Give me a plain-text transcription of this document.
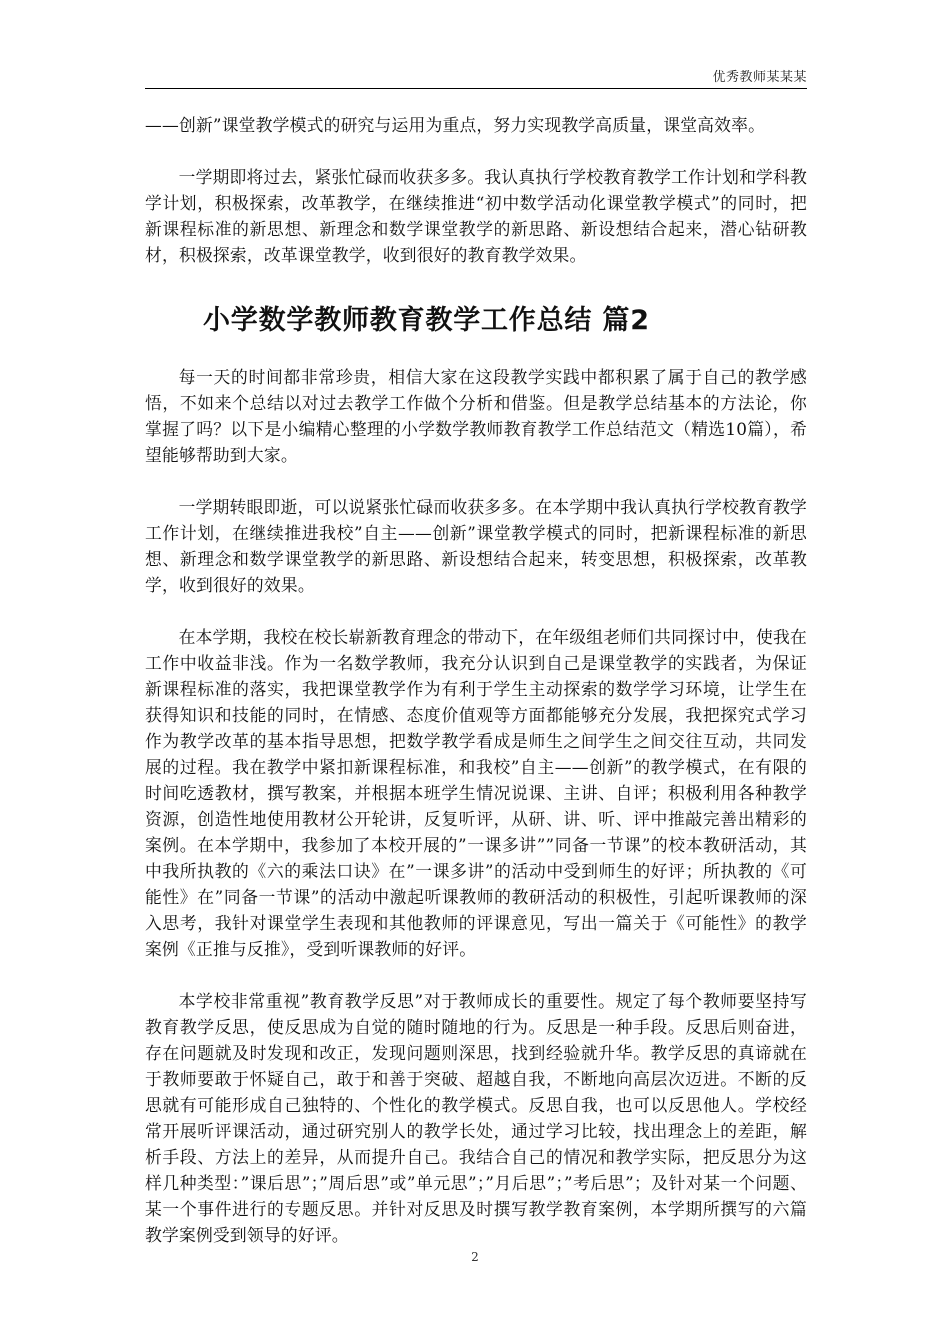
优秀教师某某某

——创新”课堂教学模式的研究与运用为重点，努力实现教学高质量，课堂高效率。

一学期即将过去，紧张忙碌而收获多多。我认真执行学校教育教学工作计划和学科教学计划，积极探索，改革教学，在继续推进“初中数学活动化课堂教学模式”的同时，把新课程标准的新思想、新理念和数学课堂教学的新思路、新设想结合起来，潜心钻研教材，积极探索，改革课堂教学，收到很好的教育教学效果。

小学数学教师教育教学工作总结 篇2

每一天的时间都非常珍贵，相信大家在这段教学实践中都积累了属于自己的教学感悟，不如来个总结以对过去教学工作做个分析和借鉴。但是教学总结基本的方法论，你掌握了吗？以下是小编精心整理的小学数学教师教育教学工作总结范文（精选10篇），希望能够帮助到大家。

一学期转眼即逝，可以说紧张忙碌而收获多多。在本学期中我认真执行学校教育教学工作计划，在继续推进我校”自主——创新”课堂教学模式的同时，把新课程标准的新思想、新理念和数学课堂教学的新思路、新设想结合起来，转变思想，积极探索，改革教学，收到很好的效果。

在本学期，我校在校长崭新教育理念的带动下，在年级组老师们共同探讨中，使我在工作中收益非浅。作为一名数学教师，我充分认识到自己是课堂教学的实践者，为保证新课程标准的落实，我把课堂教学作为有利于学生主动探索的数学学习环境，让学生在获得知识和技能的同时，在情感、态度价值观等方面都能够充分发展，我把探究式学习作为教学改革的基本指导思想，把数学教学看成是师生之间学生之间交往互动，共同发展的过程。我在教学中紧扣新课程标准，和我校”自主——创新”的教学模式，在有限的时间吃透教材，撰写教案，并根据本班学生情况说课、主讲、自评；积极利用各种教学资源，创造性地使用教材公开轮讲，反复听评，从研、讲、听、评中推敲完善出精彩的案例。在本学期中，我参加了本校开展的”一课多讲””同备一节课”的校本教研活动，其中我所执教的《六的乘法口诀》在”一课多讲”的活动中受到师生的好评；所执教的《可能性》在”同备一节课”的活动中激起听课教师的教研活动的积极性，引起听课教师的深入思考，我针对课堂学生表现和其他教师的评课意见，写出一篇关于《可能性》的教学案例《正推与反推》，受到听课教师的好评。

本学校非常重视”教育教学反思”对于教师成长的重要性。规定了每个教师要坚持写教育教学反思，使反思成为自觉的随时随地的行为。反思是一种手段。反思后则奋进，存在问题就及时发现和改正，发现问题则深思，找到经验就升华。教学反思的真谛就在于教师要敢于怀疑自己，敢于和善于突破、超越自我，不断地向高层次迈进。不断的反思就有可能形成自己独特的、个性化的教学模式。反思自我，也可以反思他人。学校经常开展听评课活动，通过研究别人的教学长处，通过学习比较，找出理念上的差距，解析手段、方法上的差异，从而提升自己。我结合自己的情况和教学实际，把反思分为这样几种类型：”课后思”；”周后思”或”单元思”；”月后思”；”考后思”；及针对某一个问题、某一个事件进行的专题反思。并针对反思及时撰写教学教育案例，本学期所撰写的六篇教学案例受到领导的好评。

2
